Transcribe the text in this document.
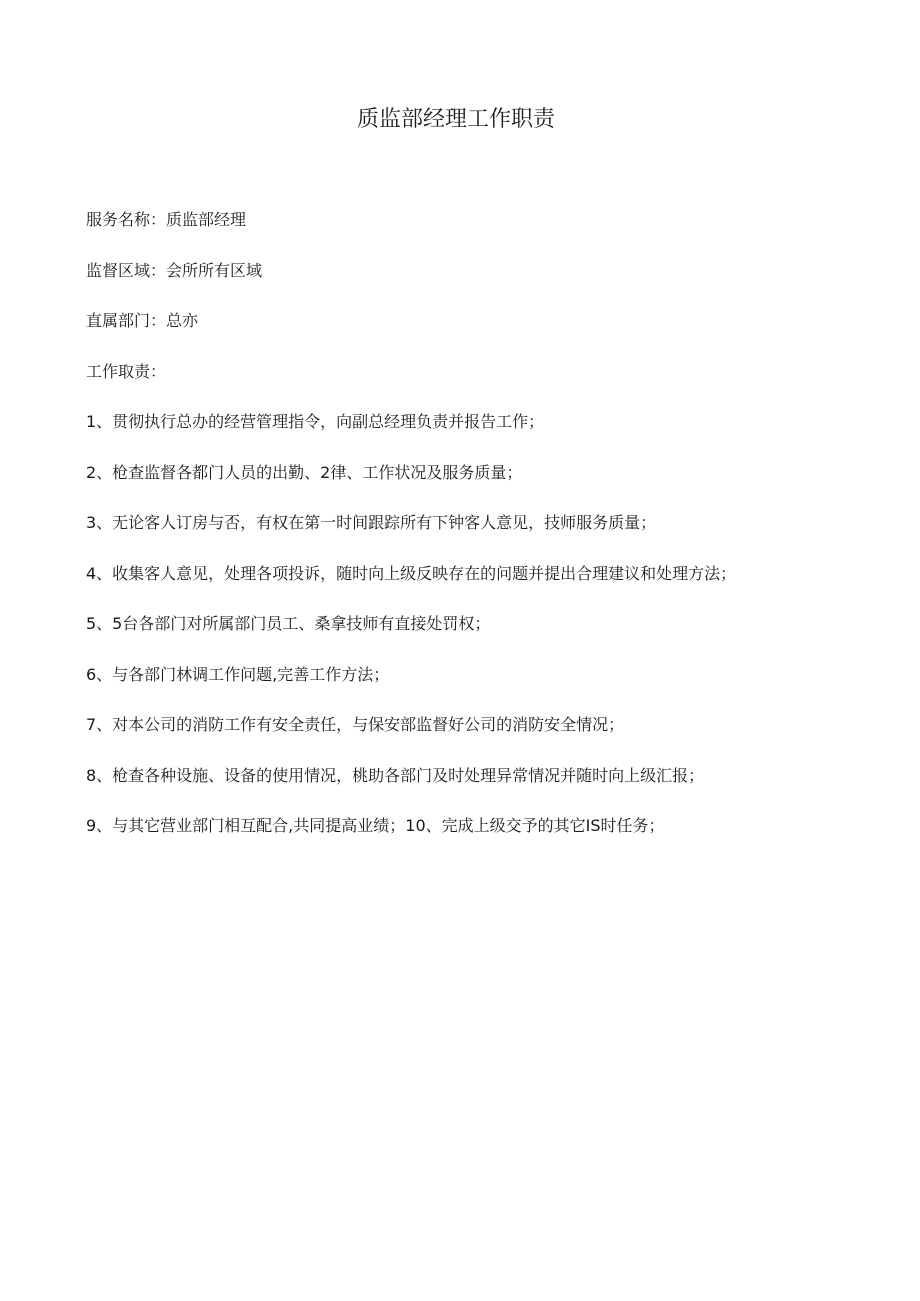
质监部经理工作职责

服务名称：质监部经理

监督区域：会所所有区域

直属部门：总亦

工作取责：

1、贯彻执行总办的经营管理指令，向副总经理负责并报告工作；

2、枪查监督各都门人员的出勤、2律、工作状况及服务质量；

3、无论客人订房与否，有权在第一时间跟踪所有下钟客人意见，技师服务质量；

4、收集客人意见，处理各项投诉，随时向上级反映存在的问题并提出合理建议和处理方法；

5、5台各部门对所属部门员工、桑拿技师有直接处罚权；

6、与各部门林调工作问题,完善工作方法；

7、对本公司的消防工作有安全责任，与保安部监督好公司的消防安全情况；

8、枪查各种设施、设备的使用情况，桃助各部门及时处理异常情况并随时向上级汇报；

9、与其它营业部门相互配合,共同提高业绩；10、完成上级交予的其它IS时任务；
